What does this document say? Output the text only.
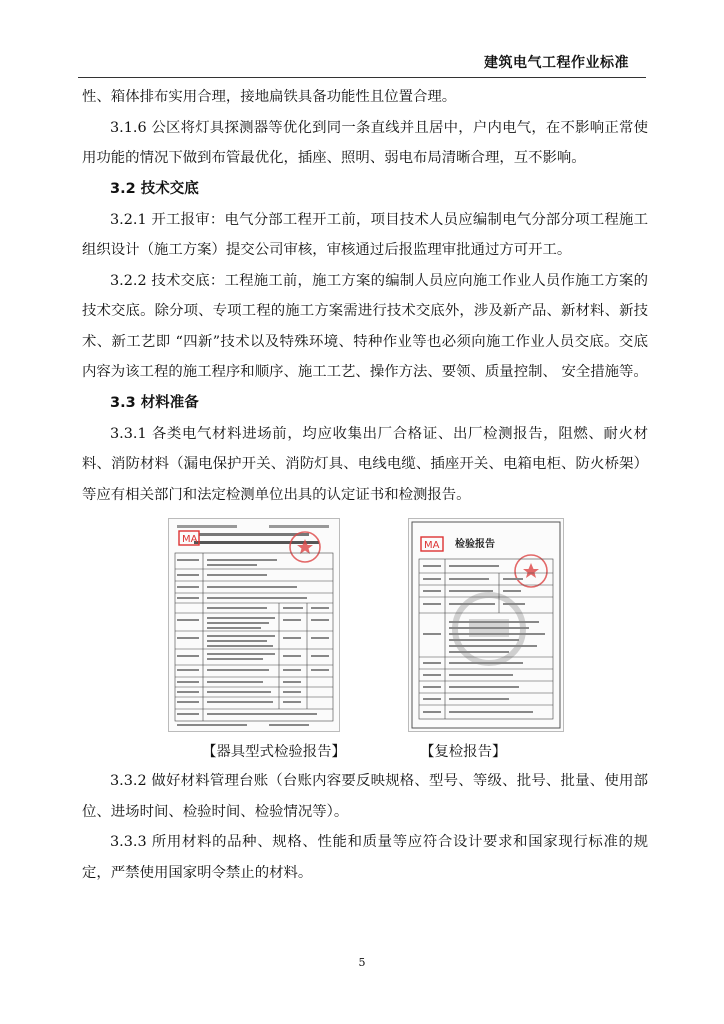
建筑电气工程作业标准

性、箱体排布实用合理，接地扁铁具备功能性且位置合理。

3.1.6 公区将灯具探测器等优化到同一条直线并且居中，户内电气，在不影响正常使用功能的情况下做到布管最优化，插座、照明、弱电布局清晰合理，互不影响。

3.2 技术交底

3.2.1 开工报审：电气分部工程开工前，项目技术人员应编制电气分部分项工程施工组织设计（施工方案）提交公司审核，审核通过后报监理审批通过方可开工。

3.2.2 技术交底：工程施工前，施工方案的编制人员应向施工作业人员作施工方案的技术交底。除分项、专项工程的施工方案需进行技术交底外，涉及新产品、新材料、新技术、新工艺即 “四新”技术以及特殊环境、特种作业等也必须向施工作业人员交底。交底内容为该工程的施工程序和顺序、施工工艺、操作方法、要领、质量控制、 安全措施等。

3.3 材料准备

3.3.1 各类电气材料进场前，均应收集出厂合格证、出厂检测报告，阻燃、耐火材料、消防材料（漏电保护开关、消防灯具、电线电缆、插座开关、电箱电柜、防火桥架）等应有相关部门和法定检测单位出具的认定证书和检测报告。

MA	检验报告
MA
【器具型式检验报告】	【复检报告】

3.3.2 做好材料管理台账（台账内容要反映规格、型号、等级、批号、批量、使用部位、进场时间、检验时间、检验情况等）。

3.3.3 所用材料的品种、规格、性能和质量等应符合设计要求和国家现行标准的规定，严禁使用国家明令禁止的材料。

5
